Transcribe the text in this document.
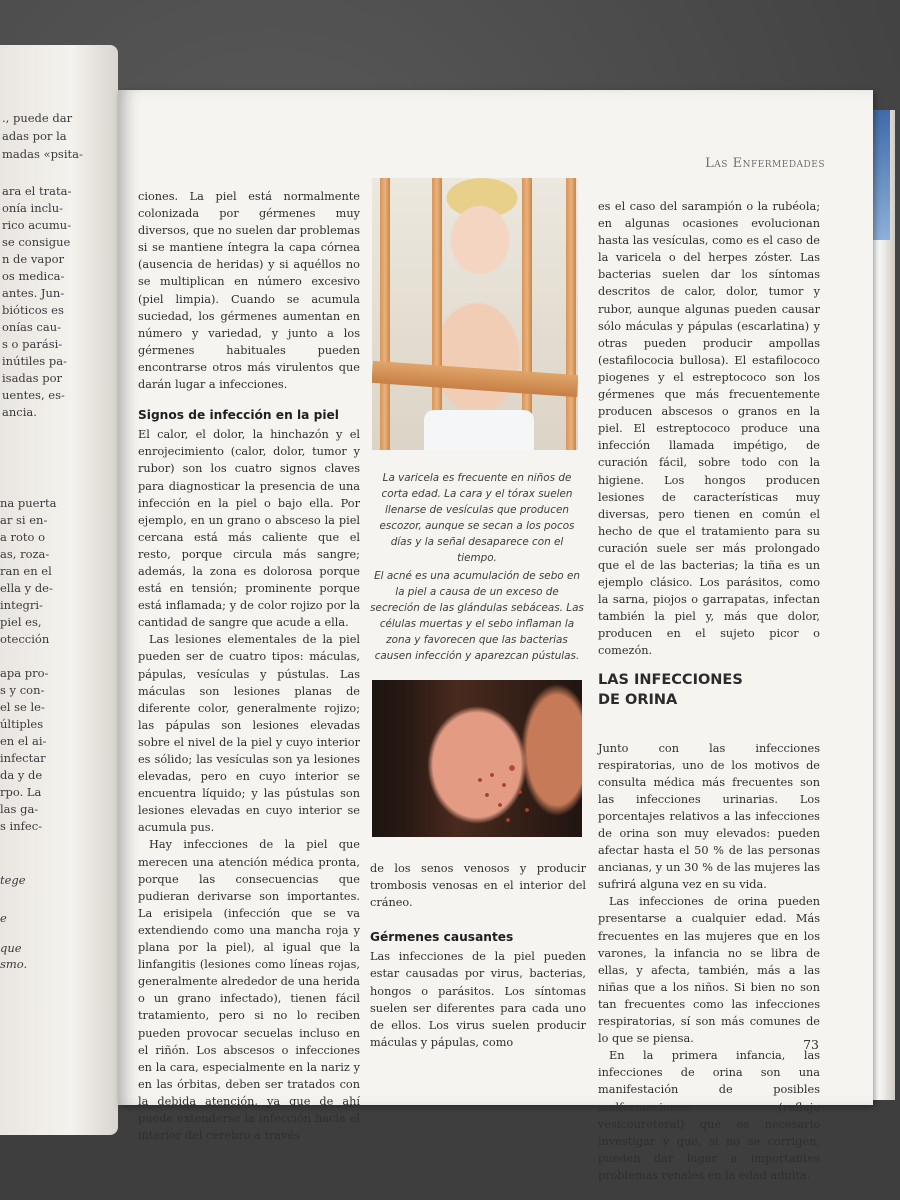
., puede dar
adas por la
madas «psita-
ara el trata-
onía inclu-
rico acumu-
se consigue
n de vapor
os medica-
antes. Jun-
bióticos es
onías cau-
s o parási-
inútiles pa-
isadas por
uentes, es-
ancia.
na puerta
ar si en-
a roto o
as, roza-
ran en el
ella y de-
integri-
piel es,
otección
apa pro-
s y con-
el se le-
últiples
en el ai-
infectar
da y de
rpo. La
las ga-
s infec-
tege
e
que
smo.
Las Enfermedades

ciones. La piel está normalmente colonizada por gérmenes muy diversos, que no suelen dar problemas si se mantiene íntegra la capa córnea (ausencia de heridas) y si aquéllos no se multiplican en número excesivo (piel limpia). Cuando se acumula suciedad, los gérmenes aumentan en número y variedad, y junto a los gérmenes habituales pueden encontrarse otros más virulentos que darán lugar a infecciones.

Signos de infección en la piel

El calor, el dolor, la hinchazón y el enrojecimiento (calor, dolor, tumor y rubor) son los cuatro signos claves para diagnosticar la presencia de una infección en la piel o bajo ella. Por ejemplo, en un grano o absceso la piel cercana está más caliente que el resto, porque circula más sangre; además, la zona es dolorosa porque está en tensión; prominente porque está inflamada; y de color rojizo por la cantidad de sangre que acude a ella.

Las lesiones elementales de la piel pueden ser de cuatro tipos: máculas, pápulas, vesículas y pústulas. Las máculas son lesiones planas de diferente color, generalmente rojizo; las pápulas son lesiones elevadas sobre el nivel de la piel y cuyo interior es sólido; las vesículas son ya lesiones elevadas, pero en cuyo interior se encuentra líquido; y las pústulas son lesiones elevadas en cuyo interior se acumula pus.

Hay infecciones de la piel que merecen una atención médica pronta, porque las consecuencias que pudieran derivarse son importantes. La erisipela (infección que se va extendiendo como una mancha roja y plana por la piel), al igual que la linfangitis (lesiones como líneas rojas, generalmente alrededor de una herida o un grano infectado), tienen fácil tratamiento, pero si no lo reciben pueden provocar secuelas incluso en el riñón. Los abscesos o infecciones en la cara, especialmente en la nariz y en las órbitas, deben ser tratados con la debida atención, ya que de ahí puede extenderse la infección hacia el interior del cerebro a través

La varicela es frecuente en niños de corta edad. La cara y el tórax suelen llenarse de vesículas que producen escozor, aunque se secan a los pocos días y la señal desaparece con el tiempo.
El acné es una acumulación de sebo en la piel a causa de un exceso de secreción de las glándulas sebáceas. Las células muertas y el sebo inflaman la zona y favorecen que las bacterias causen infección y aparezcan pústulas.

de los senos venosos y producir trombosis venosas en el interior del cráneo.

Gérmenes causantes

Las infecciones de la piel pueden estar causadas por virus, bacterias, hongos o parásitos. Los síntomas suelen ser diferentes para cada uno de ellos. Los virus suelen producir máculas y pápulas, como

es el caso del sarampión o la rubéola; en algunas ocasiones evolucionan hasta las vesículas, como es el caso de la varicela o del herpes zóster. Las bacterias suelen dar los síntomas descritos de calor, dolor, tumor y rubor, aunque algunas pueden causar sólo máculas y pápulas (escarlatina) y otras pueden producir ampollas (estafilococia bullosa). El estafilococo piogenes y el estreptococo son los gérmenes que más frecuentemente producen abscesos o granos en la piel. El estreptococo produce una infección llamada impétigo, de curación fácil, sobre todo con la higiene. Los hongos producen lesiones de características muy diversas, pero tienen en común el hecho de que el tratamiento para su curación suele ser más prolongado que el de las bacterias; la tiña es un ejemplo clásico. Los parásitos, como la sarna, piojos o garrapatas, infectan también la piel y, más que dolor, producen en el sujeto picor o comezón.

LAS INFECCIONES
DE ORINA

Junto con las infecciones respiratorias, uno de los motivos de consulta médica más frecuentes son las infecciones urinarias. Los porcentajes relativos a las infecciones de orina son muy elevados: pueden afectar hasta el 50 % de las personas ancianas, y un 30 % de las mujeres las sufrirá alguna vez en su vida.

Las infecciones de orina pueden presentarse a cualquier edad. Más frecuentes en las mujeres que en los varones, la infancia no se libra de ellas, y afecta, también, más a las niñas que a los niños. Si bien no son tan frecuentes como las infecciones respiratorias, sí son más comunes de lo que se piensa.

En la primera infancia, las infecciones de orina son una manifestación de posibles malformaciones (reflujo vesicoureteral) que es necesario investigar y que, si no se corrigen, pueden dar lugar a importantes problemas renales en la edad adulta.

73
